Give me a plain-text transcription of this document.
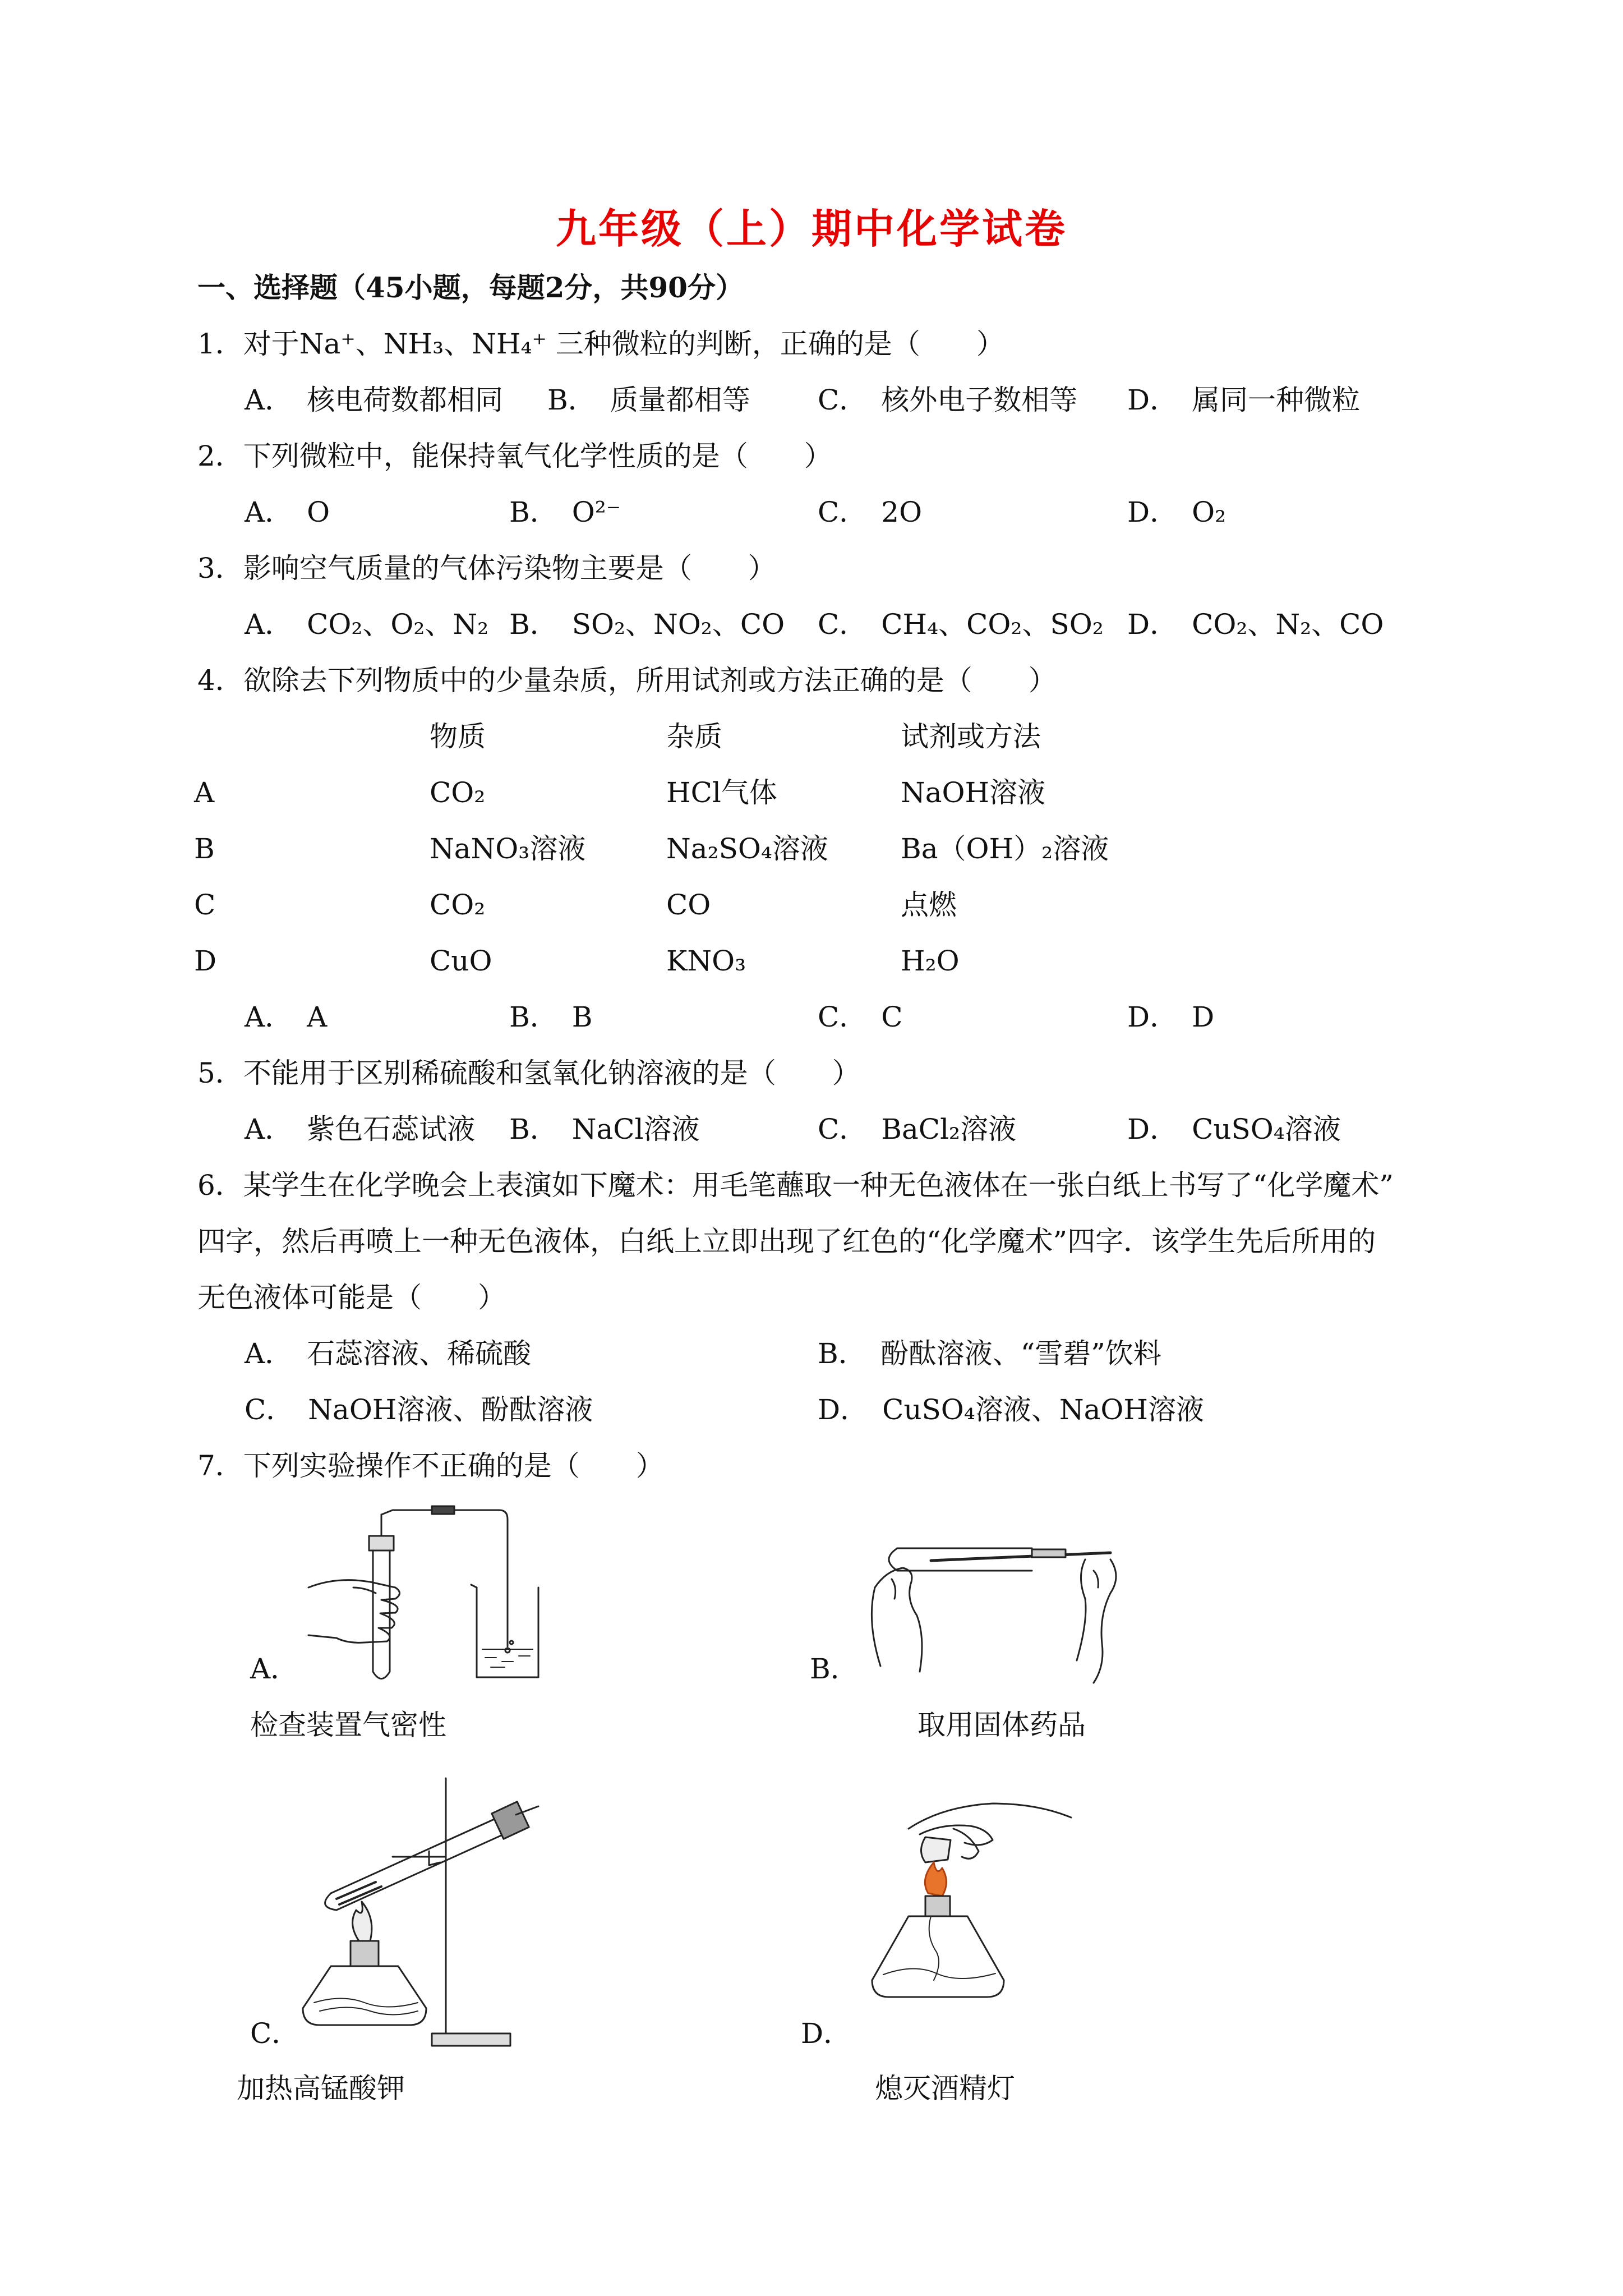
九年级（上）期中化学试卷
一、选择题（45小题，每题2分，共90分）
1．对于Na⁺、NH₃、NH₄⁺ 三种微粒的判断，正确的是（　　）
A．　核电荷数都相同 B．　质量都相等 C．　核外电子数相等 D．　属同一种微粒
2．下列微粒中，能保持氧气化学性质的是（　　）
A．　O	B．　O²⁻	C．　2O	D．　O₂
3．影响空气质量的气体污染物主要是（　　）
A．　CO₂、O₂、N₂ B．　SO₂、NO₂、CO C．　CH₄、CO₂、SO₂ D．　CO₂、N₂、CO
4．欲除去下列物质中的少量杂质，所用试剂或方法正确的是（　　）
物质	杂质	试剂或方法
A	CO₂	HCl气体	NaOH溶液
B	NaNO₃溶液	Na₂SO₄溶液	Ba（OH）₂溶液
C	CO₂	CO	点燃
D	CuO	KNO₃	H₂O
A．　A	B．　B	C．　C	D．　D
5．不能用于区别稀硫酸和氢氧化钠溶液的是（　　）
A．　紫色石蕊试液 B．　NaCl溶液	C．　BaCl₂溶液	D．　CuSO₄溶液
6．某学生在化学晚会上表演如下魔术：用毛笔蘸取一种无色液体在一张白纸上书写了“化学魔术”
四字，然后再喷上一种无色液体，白纸上立即出现了红色的“化学魔术”四字．该学生先后所用的
无色液体可能是（　　）
A．　石蕊溶液、稀硫酸	B．　酚酞溶液、“雪碧”饮料
C．　NaOH溶液、酚酞溶液	D．　CuSO₄溶液、NaOH溶液
7．下列实验操作不正确的是（　　）
A．
检查装置气密性
B．
取用固体药品
C．
加热高锰酸钾
D．
熄灭酒精灯
